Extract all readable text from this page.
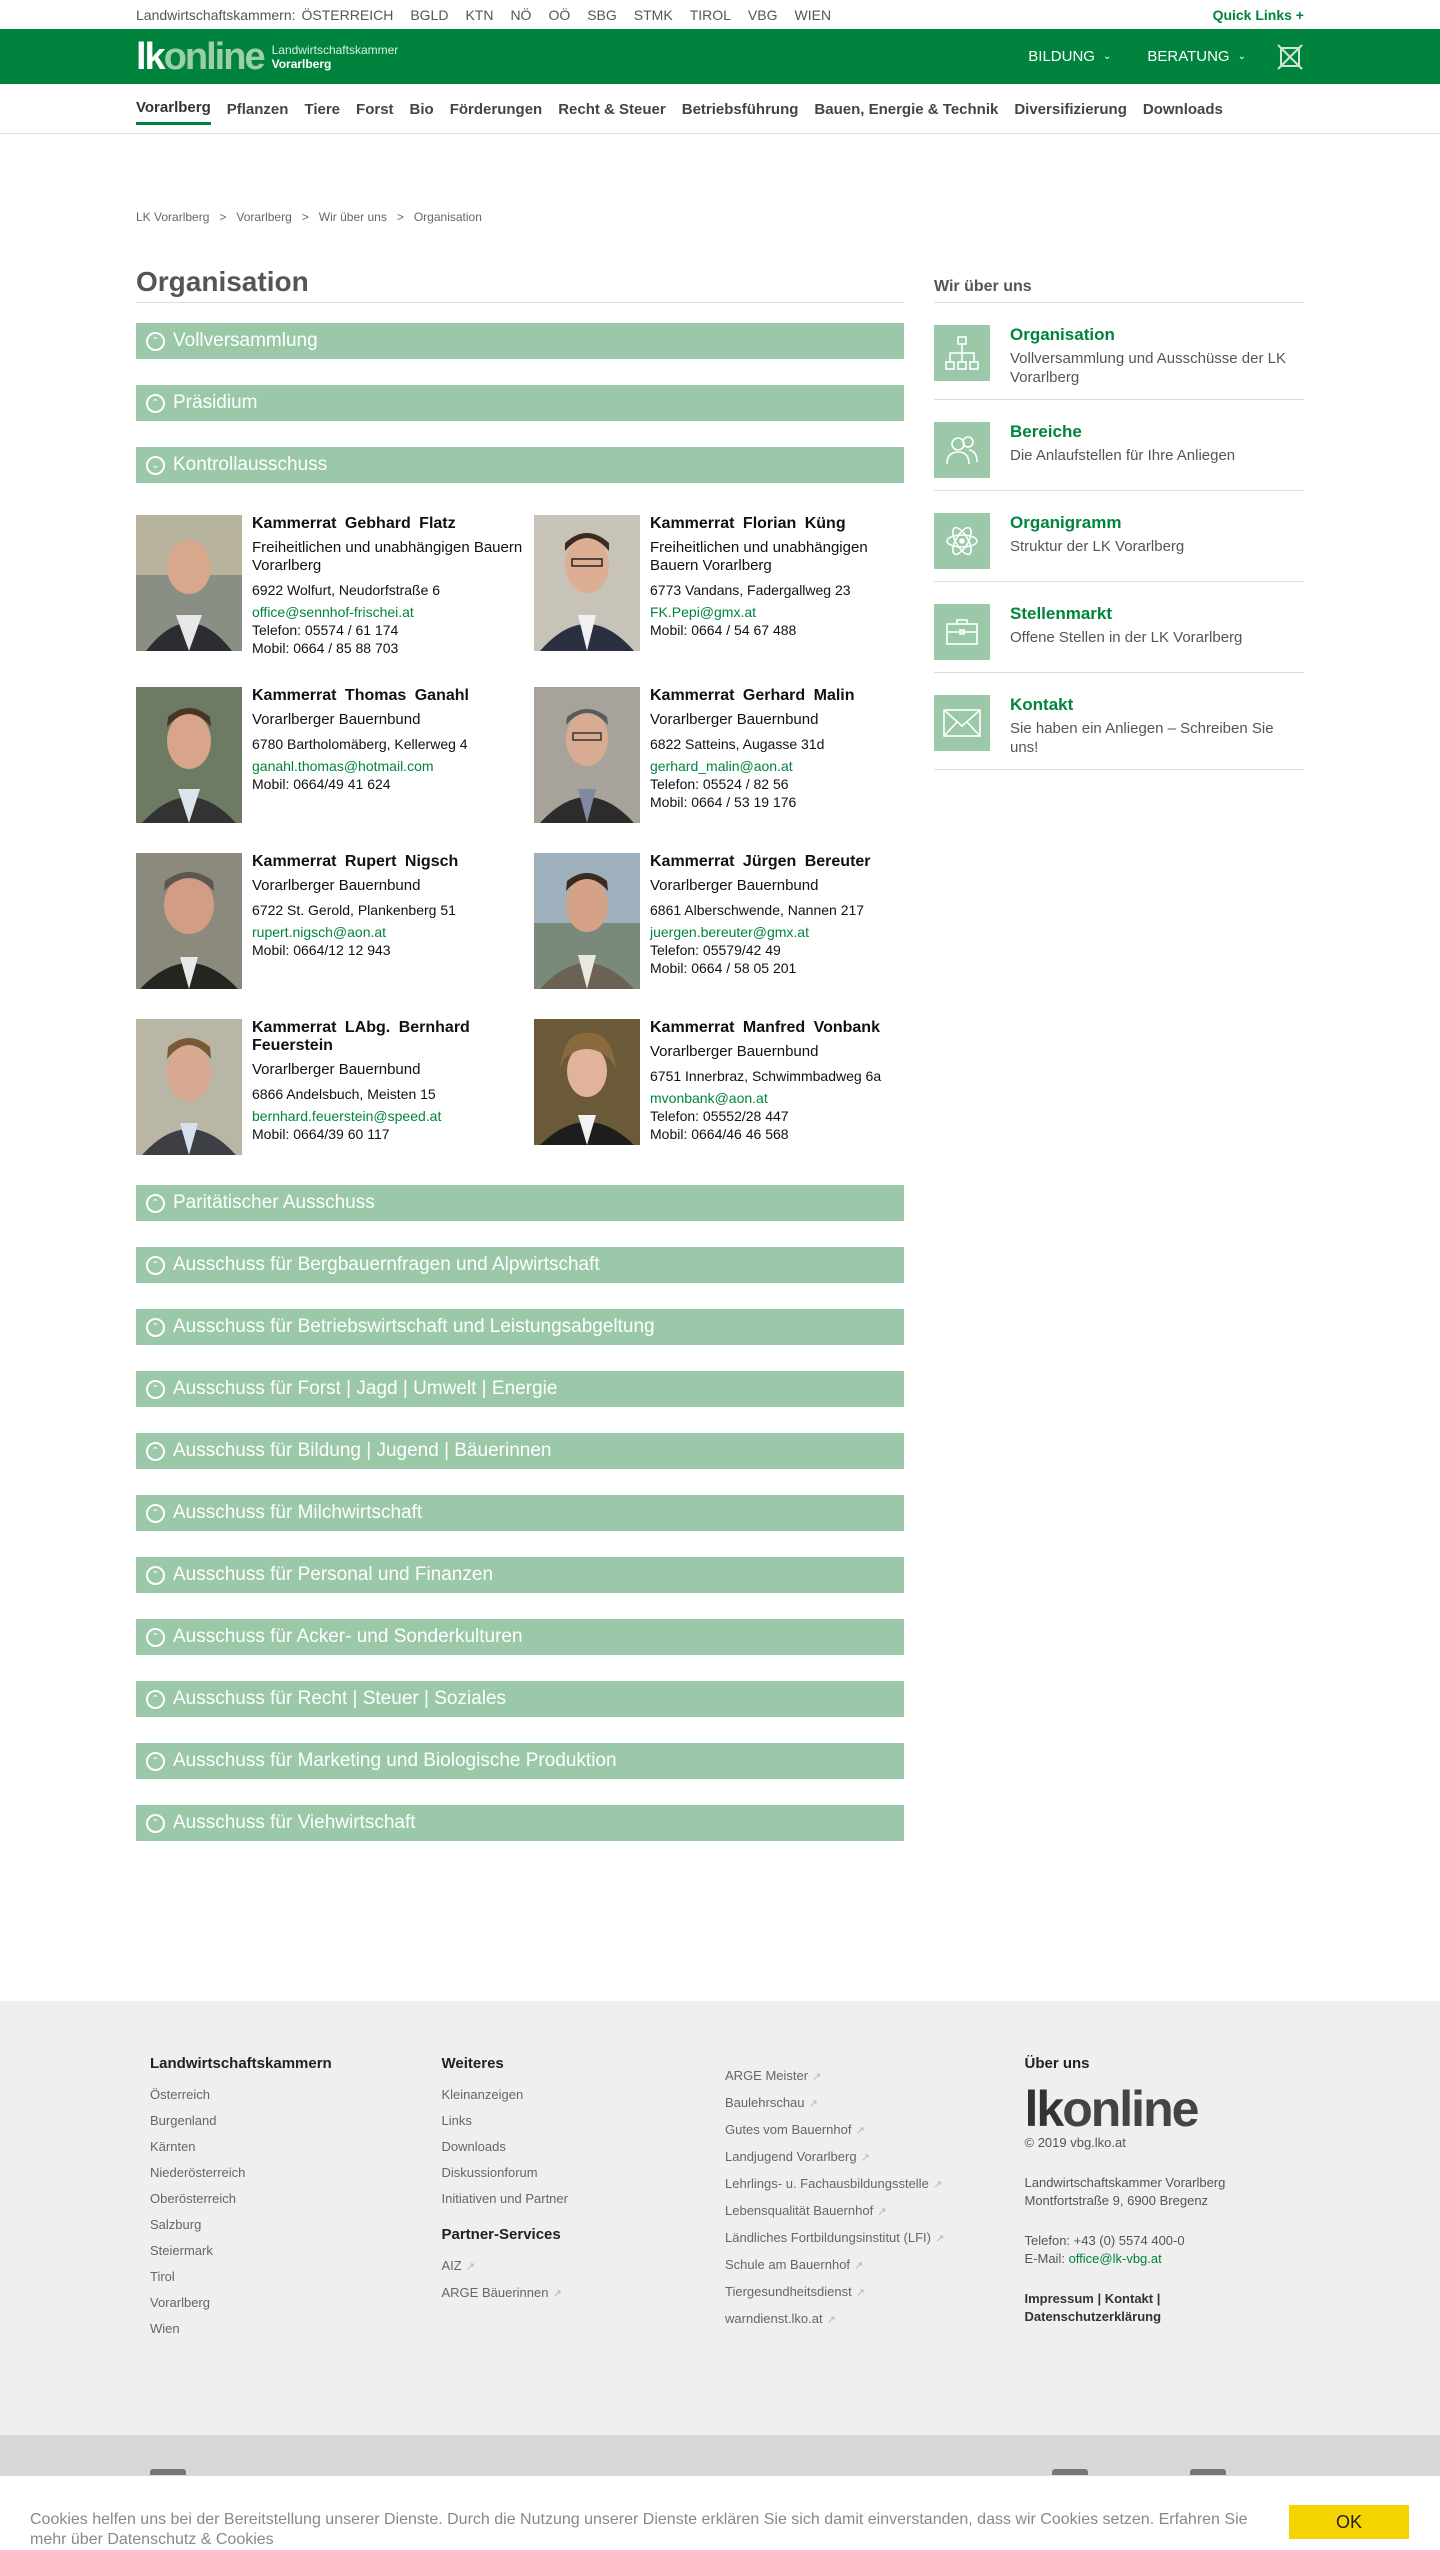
Landwirtschaftskammern: ÖSTERREICH BGLD KTN NÖ OÖ SBG STMK TIROL VBG WIEN	Quick Links +
lk online Landwirtschaftskammer
Vorarlberg	BILDUNG ⌄ BERATUNG ⌄
Vorarlberg Pflanzen Tiere Forst Bio Förderungen Recht & Steuer Betriebsführung Bauen, Energie & Technik Diversifizierung Downloads
LK Vorarlberg > Vorarlberg > Wir über uns > Organisation
Organisation
⌃ Vollversammlung
⌃ Präsidium
⌄ Kontrollausschuss
Kammerrat Gebhard Flatz
Freiheitlichen und unabhängigen Bauern Vorarlberg
6922 Wolfurt, Neudorfstraße 6
office@sennhof-frischei.at
Telefon: 05574 / 61 174
Mobil: 0664 / 85 88 703
Kammerrat Florian Küng
Freiheitlichen und unabhängigen Bauern Vorarlberg
6773 Vandans, Fadergallweg 23
FK.Pepi@gmx.at
Mobil: 0664 / 54 67 488
Kammerrat Thomas Ganahl
Vorarlberger Bauernbund
6780 Bartholomäberg, Kellerweg 4
ganahl.thomas@hotmail.com
Mobil: 0664/49 41 624
Kammerrat Gerhard Malin
Vorarlberger Bauernbund
6822 Satteins, Augasse 31d
gerhard_malin@aon.at
Telefon: 05524 / 82 56
Mobil: 0664 / 53 19 176
Kammerrat Rupert Nigsch
Vorarlberger Bauernbund
6722 St. Gerold, Plankenberg 51
rupert.nigsch@aon.at
Mobil: 0664/12 12 943
Kammerrat Jürgen Bereuter
Vorarlberger Bauernbund
6861 Alberschwende, Nannen 217
juergen.bereuter@gmx.at
Telefon: 05579/42 49
Mobil: 0664 / 58 05 201
Kammerrat LAbg. Bernhard Feuerstein
Vorarlberger Bauernbund
6866 Andelsbuch, Meisten 15
bernhard.feuerstein@speed.at
Mobil: 0664/39 60 117
Kammerrat Manfred Vonbank
Vorarlberger Bauernbund
6751 Innerbraz, Schwimmbadweg 6a
mvonbank@aon.at
Telefon: 05552/28 447
Mobil: 0664/46 46 568
⌃ Paritätischer Ausschuss
⌃ Ausschuss für Bergbauernfragen und Alpwirtschaft
⌃ Ausschuss für Betriebswirtschaft und Leistungsabgeltung
⌃ Ausschuss für Forst | Jagd | Umwelt | Energie
⌃ Ausschuss für Bildung | Jugend | Bäuerinnen
⌃ Ausschuss für Milchwirtschaft
⌃ Ausschuss für Personal und Finanzen
⌃ Ausschuss für Acker- und Sonderkulturen
⌃ Ausschuss für Recht | Steuer | Soziales
⌃ Ausschuss für Marketing und Biologische Produktion
⌃ Ausschuss für Viehwirtschaft
Wir über uns
Organisation

Vollversammlung und Ausschüsse der LK Vorarlberg

Bereiche

Die Anlaufstellen für Ihre Anliegen

Organigramm

Struktur der LK Vorarlberg

Stellenmarkt

Offene Stellen in der LK Vorarlberg

Kontakt

Sie haben ein Anliegen – Schreiben Sie uns!

Landwirtschaftskammern
Österreich
Burgenland
Kärnten
Niederösterreich
Oberösterreich
Salzburg
Steiermark
Tirol
Vorarlberg
Wien
Weiteres
Kleinanzeigen
Links
Downloads
Diskussionforum
Initiativen und Partner
Partner-Services
AIZ ↗
ARGE Bäuerinnen ↗
ARGE Meister ↗
Baulehrschau ↗
Gutes vom Bauernhof ↗
Landjugend Vorarlberg ↗
Lehrlings- u. Fachausbildungsstelle ↗
Lebensqualität Bauernhof ↗
Ländliches Fortbildungsinstitut (LFI) ↗
Schule am Bauernhof ↗
Tiergesundheitsdienst ↗
warndienst.lko.at ↗
Über uns
lkonline
© 2019 vbg.lko.at
Landwirtschaftskammer Vorarlberg
Montfortstraße 9, 6900 Bregenz
Telefon: +43 (0) 5574 400-0
E-Mail: office@lk-vbg.at
Impressum | Kontakt |
Datenschutzerklärung
Cookies helfen uns bei der Bereitstellung unserer Dienste. Durch die Nutzung unserer Dienste erklären Sie sich damit einverstanden, dass wir Cookies setzen. Erfahren Sie mehr über Datenschutz & Cookies
OK
